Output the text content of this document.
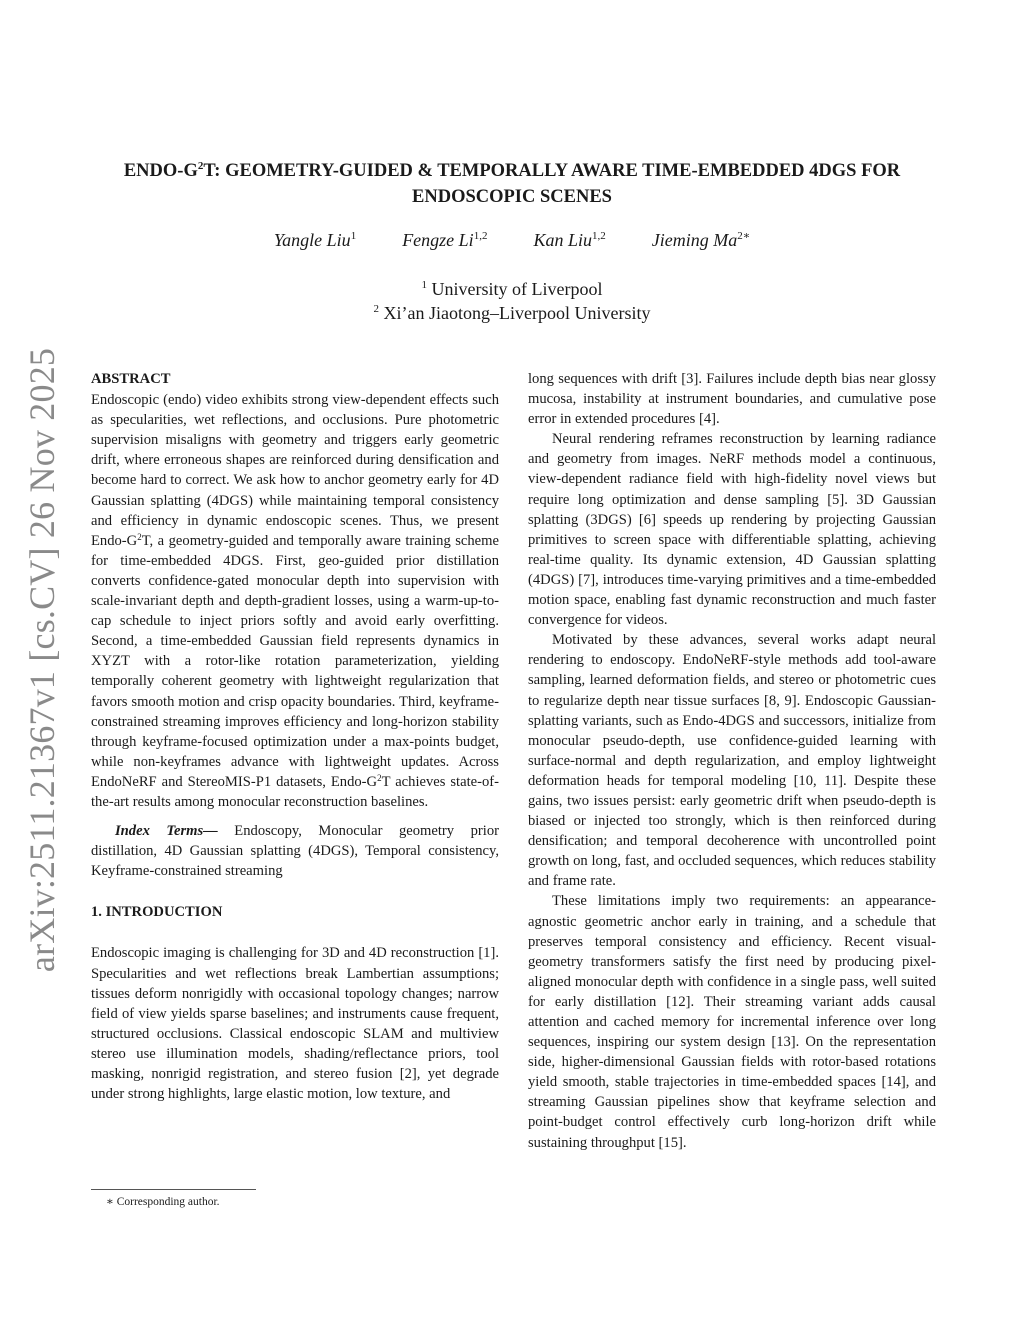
arXiv:2511.21367v1 [cs.CV] 26 Nov 2025
ENDO-$G^2T$: GEOMETRY-GUIDED & TEMPORALLY AWARE TIME-EMBEDDED 4DGS FOR
ENDOSCOPIC SCENES
Yangle Liu$^1$	Fengze Li$^{1,2}$	Kan Liu$^{1,2}$	Jieming $Ma^{2∗}$
$^1$ University of Liverpool
$^2$ Xi’an Jiaotong–Liverpool University

ABSTRACT

Endoscopic (endo) video exhibits strong view-dependent effects such as specularities, wet reflections, and occlusions. Pure photometric supervision misaligns with geometry and triggers early geometric drift, where erroneous shapes are reinforced during densification and become hard to correct. We ask how to anchor geometry early for 4D Gaussian splatting (4DGS) while maintaining temporal consistency and efficiency in dynamic endoscopic scenes. Thus, we present Endo-$G^2T$, a geometry-guided and temporally aware training scheme for time-embedded 4DGS. First, geo-guided prior distillation converts confidence-gated monocular depth into supervision with scale-invariant depth and depth-gradient losses, using a warm-up-to-cap schedule to inject priors softly and avoid early overfitting. Second, a time-embedded Gaussian field represents dynamics in XYZT with a rotor-like rotation parameterization, yielding temporally coherent geometry with lightweight regularization that favors smooth motion and crisp opacity boundaries. Third, keyframe-constrained streaming improves efficiency and long-horizon stability through keyframe-focused optimization under a max-points budget, while non-keyframes advance with lightweight updates. Across EndoNeRF and StereoMIS-P1 datasets, Endo-$G^2T$ achieves state-of-the-art results among monocular reconstruction baselines.

Index Terms— Endoscopy, Monocular geometry prior distillation, 4D Gaussian splatting (4DGS), Temporal consistency, Keyframe-constrained streaming

1. INTRODUCTION

Endoscopic imaging is challenging for 3D and 4D reconstruction [1]. Specularities and wet reflections break Lambertian assumptions; tissues deform nonrigidly with occasional topology changes; narrow field of view yields sparse baselines; and instruments cause frequent, structured occlusions. Classical endoscopic SLAM and multiview stereo use illumination models, shading/reflectance priors, tool masking, nonrigid registration, and stereo fusion [2], yet degrade under strong highlights, large elastic motion, low texture, and

long sequences with drift [3]. Failures include depth bias near glossy mucosa, instability at instrument boundaries, and cumulative pose error in extended procedures [4].

Neural rendering reframes reconstruction by learning radiance and geometry from images. NeRF methods model a continuous, view-dependent radiance field with high-fidelity novel views but require long optimization and dense sampling [5]. 3D Gaussian splatting (3DGS) [6] speeds up rendering by projecting Gaussian primitives to screen space with differentiable splatting, achieving real-time quality. Its dynamic extension, 4D Gaussian splatting (4DGS) [7], introduces time-varying primitives and a time-embedded motion space, enabling fast dynamic reconstruction and much faster convergence for videos.

Motivated by these advances, several works adapt neural rendering to endoscopy. EndoNeRF-style methods add tool-aware sampling, learned deformation fields, and stereo or photometric cues to regularize depth near tissue surfaces [8, 9]. Endoscopic Gaussian-splatting variants, such as Endo-4DGS and successors, initialize from monocular pseudo-depth, use confidence-guided learning with surface-normal and depth regularization, and employ lightweight deformation heads for temporal modeling [10, 11]. Despite these gains, two issues persist: early geometric drift when pseudo-depth is biased or injected too strongly, which is then reinforced during densification; and temporal decoherence with uncontrolled point growth on long, fast, and occluded sequences, which reduces stability and frame rate.

These limitations imply two requirements: an appearance-agnostic geometric anchor early in training, and a schedule that preserves temporal consistency and efficiency. Recent visual-geometry transformers satisfy the first need by producing pixel-aligned monocular depth with confidence in a single pass, well suited for early distillation [12]. Their streaming variant adds causal attention and cached memory for incremental inference over long sequences, inspiring our system design [13]. On the representation side, higher-dimensional Gaussian fields with rotor-based rotations yield smooth, stable trajectories in time-embedded spaces [14], and streaming Gaussian pipelines show that keyframe selection and point-budget control effectively curb long-horizon drift while sustaining throughput [15].

∗ Corresponding author.
